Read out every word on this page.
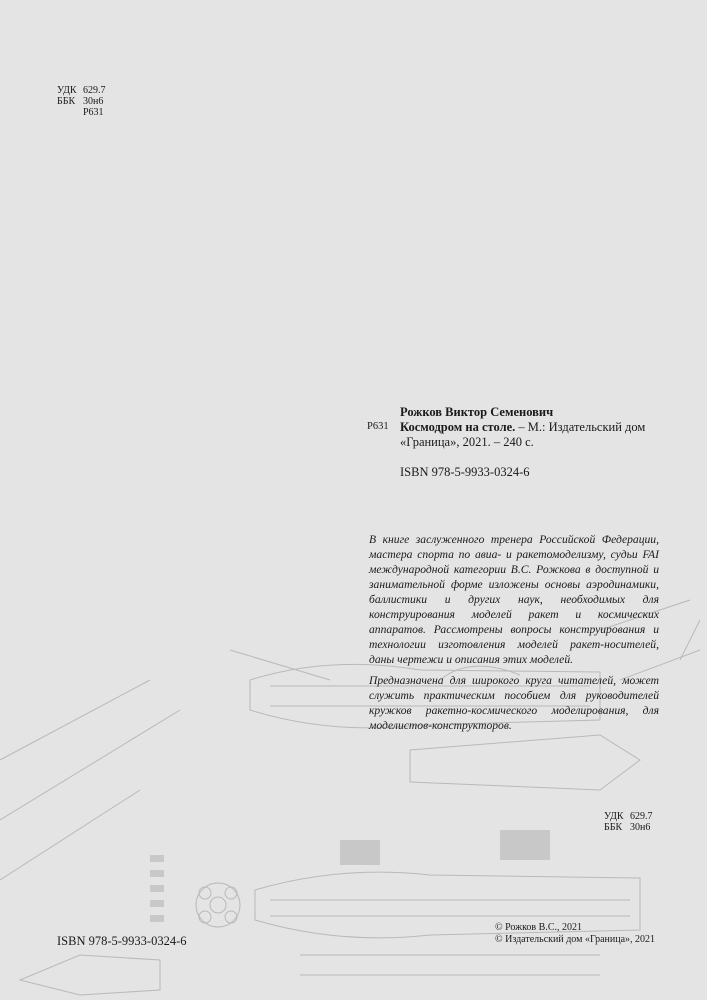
УДК 629.7
ББК 30н6
Р631
Р631
Рожков Виктор Семенович
Космодром на столе. – М.: Издательский дом
«Граница», 2021. – 240 с.
ISBN 978-5-9933-0324-6

В книге заслуженного тренера Российской Федерации, мастера спорта по авиа- и ракетомоделизму, судьи FAI международной категории В.С. Рожкова в доступной и занимательной форме изложены основы аэродинамики, баллистики и других наук, необходимых для конструирования моделей ракет и космических аппаратов. Рассмотрены вопросы конструирования и технологии изготовления моделей ракет-носителей, даны чертежи и описания этих моделей.

Предназначена для широкого круга читателей, может служить практическим пособием для руководителей кружков ракетно-космического моделирования, для моделистов-конструкторов.

УДК 629.7
ББК 30н6
ISBN 978-5-9933-0324-6
© Рожков В.С., 2021
© Издательский дом «Граница», 2021
